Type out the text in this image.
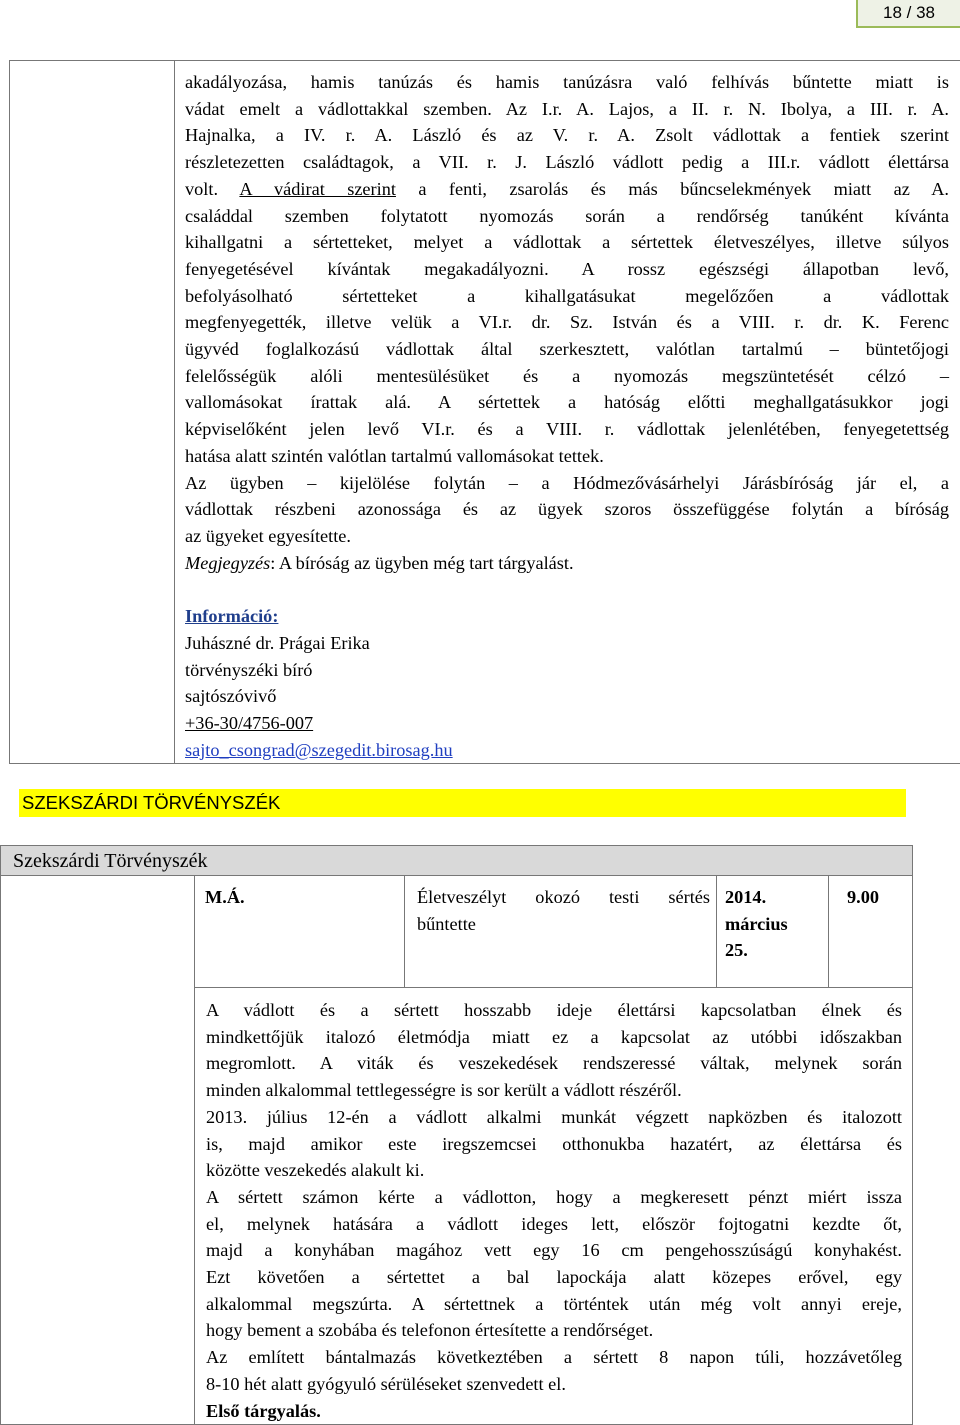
18 / 38

akadályozása, hamis tanúzás és hamis tanúzásra való felhívás bűntette miatt is

vádat emelt a vádlottakkal szemben. Az I.r. A. Lajos, a II. r. N. Ibolya, a III. r. A.

Hajnalka, a IV. r. A. László és az V. r. A. Zsolt vádlottak a fentiek szerint

részletezetten családtagok, a VII. r. J. László vádlott pedig a III.r. vádlott élettársa

volt. A vádirat szerint a fenti, zsarolás és más bűncselekmények miatt az A.

családdal szemben folytatott nyomozás során a rendőrség tanúként kívánta

kihallgatni a sértetteket, melyet a vádlottak a sértettek életveszélyes, illetve súlyos

fenyegetésével kívántak megakadályozni. A rossz egészségi állapotban levő,

befolyásolható sértetteket a kihallgatásukat megelőzően a vádlottak

megfenyegették, illetve velük a VI.r. dr. Sz. István és a VIII. r. dr. K. Ferenc

ügyvéd foglalkozású vádlottak által szerkesztett, valótlan tartalmú – büntetőjogi

felelősségük alóli mentesülésüket és a nyomozás megszüntetését célzó –

vallomásokat írattak alá. A sértettek a hatóság előtti meghallgatásukkor jogi

képviselőként jelen levő VI.r. és a VIII. r. vádlottak jelenlétében, fenyegetettség

hatása alatt szintén valótlan tartalmú vallomásokat tettek.

Az ügyben – kijelölése folytán – a Hódmezővásárhelyi Járásbíróság jár el, a

vádlottak részbeni azonossága és az ügyek szoros összefüggése folytán a bíróság

az ügyeket egyesítette.

Megjegyzés: A bíróság az ügyben még tart tárgyalást.

Információ:
Juhászné dr. Prágai Erika
törvényszéki bíró
sajtószóvivő
+36-30/4756-007
sajto_csongrad@szegedit.birosag.hu
SZEKSZÁRDI TÖRVÉNYSZÉK
Szekszárdi Törvényszék
M.Á.	Életveszélyt okozó testi sértés
bűntette
2014.
március
25.
9.00

A vádlott és a sértett hosszabb ideje élettársi kapcsolatban élnek és

mindkettőjük italozó életmódja miatt ez a kapcsolat az utóbbi időszakban

megromlott. A viták és veszekedések rendszeressé váltak, melynek során

minden alkalommal tettlegességre is sor került a vádlott részéről.

2013. július 12-én a vádlott alkalmi munkát végzett napközben és italozott

is, majd amikor este iregszemcsei otthonukba hazatért, az élettársa és

közötte veszekedés alakult ki.

A sértett számon kérte a vádlotton, hogy a megkeresett pénzt miért issza

el, melynek hatására a vádlott ideges lett, először fojtogatni kezdte őt,

majd a konyhában magához vett egy 16 cm pengehosszúságú konyhakést.

Ezt követően a sértettet a bal lapockája alatt közepes erővel, egy

alkalommal megszúrta. A sértettnek a történtek után még volt annyi ereje,

hogy bement a szobába és telefonon értesítette a rendőrséget.

Az említett bántalmazás következtében a sértett 8 napon túli, hozzávetőleg

8-10 hét alatt gyógyuló sérüléseket szenvedett el.

Első tárgyalás.
